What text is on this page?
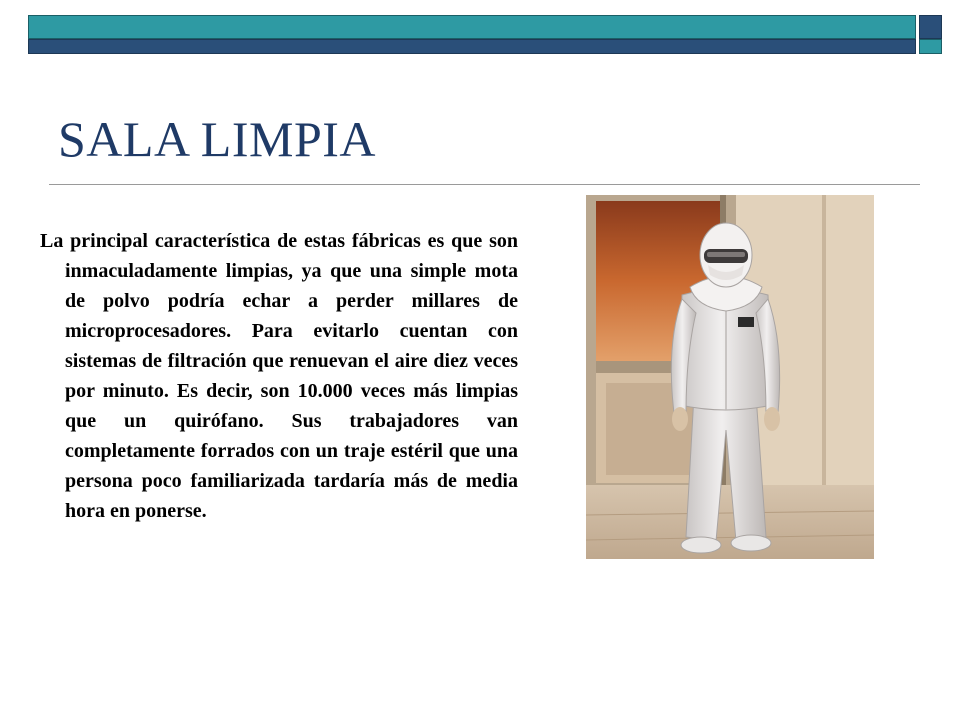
SALA LIMPIA

La principal característica de estas fábricas es que son inmaculadamente limpias, ya que una simple mota de polvo podría echar a perder millares de microprocesadores. Para evitarlo cuentan con sistemas de filtración que renuevan el aire diez veces por minuto. Es decir, son 10.000 veces más limpias que un quirófano. Sus trabajadores van completamente forrados con un traje estéril que una persona poco familiarizada tardaría más de media hora en ponerse.
